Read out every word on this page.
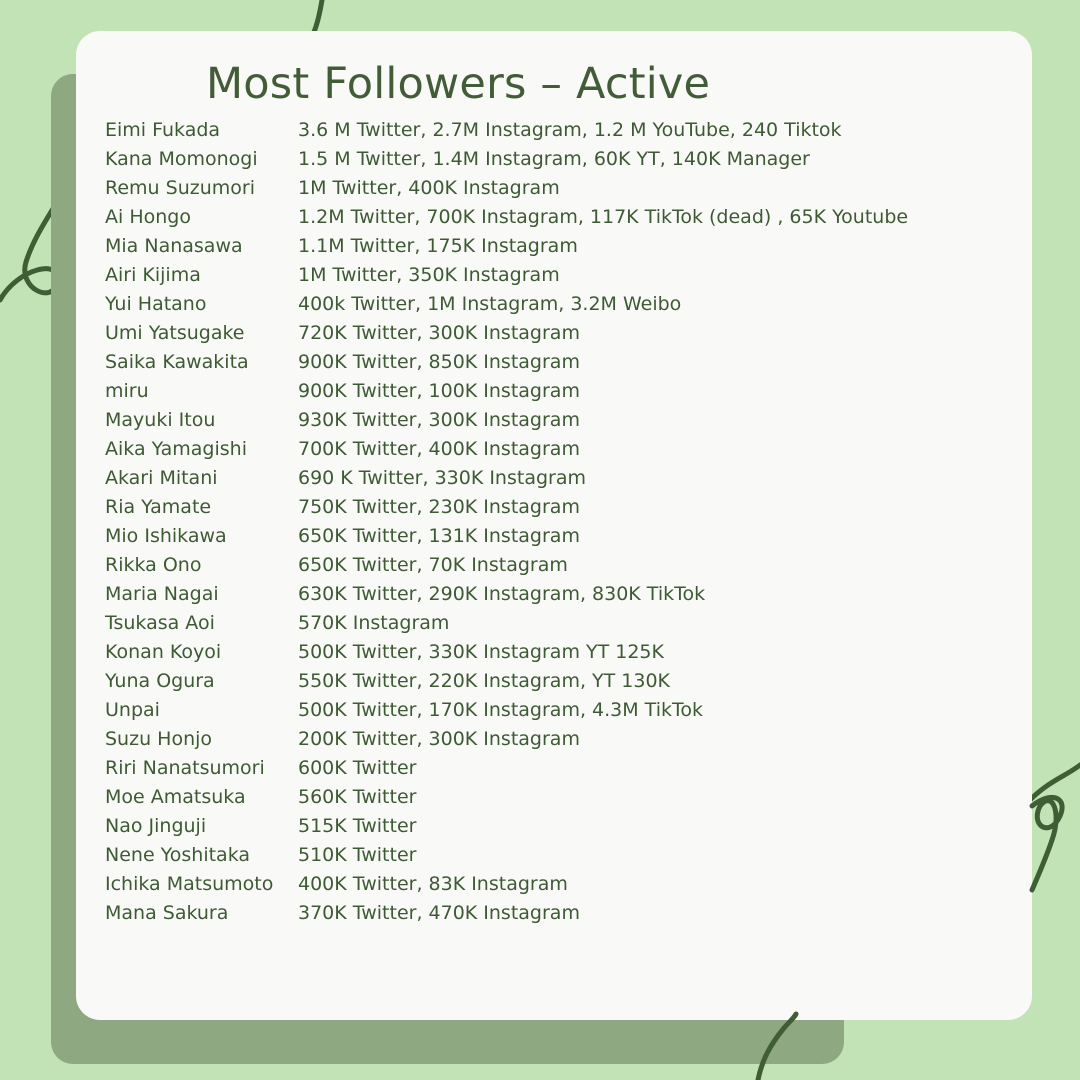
Most Followers – Active
Eimi Fukada	3.6 M Twitter, 2.7M Instagram, 1.2 M YouTube, 240 Tiktok
Kana Momonogi	1.5 M Twitter, 1.4M Instagram, 60K YT, 140K Manager
Remu Suzumori	1M Twitter, 400K Instagram
Ai Hongo	1.2M Twitter, 700K Instagram, 117K TikTok (dead) , 65K Youtube
Mia Nanasawa	1.1M Twitter, 175K Instagram
Airi Kijima	1M Twitter, 350K Instagram
Yui Hatano	400k Twitter, 1M Instagram, 3.2M Weibo
Umi Yatsugake	720K Twitter, 300K Instagram
Saika Kawakita	900K Twitter, 850K Instagram
miru	900K Twitter, 100K Instagram
Mayuki Itou	930K Twitter, 300K Instagram
Aika Yamagishi	700K Twitter, 400K Instagram
Akari Mitani	690 K Twitter, 330K Instagram
Ria Yamate	750K Twitter, 230K Instagram
Mio Ishikawa	650K Twitter, 131K Instagram
Rikka Ono	650K Twitter, 70K Instagram
Maria Nagai	630K Twitter, 290K Instagram, 830K TikTok
Tsukasa Aoi	570K Instagram
Konan Koyoi	500K Twitter, 330K Instagram YT 125K
Yuna Ogura	550K Twitter, 220K Instagram, YT 130K
Unpai	500K Twitter, 170K Instagram, 4.3M TikTok
Suzu Honjo	200K Twitter, 300K Instagram
Riri Nanatsumori	600K Twitter
Moe Amatsuka	560K Twitter
Nao Jinguji	515K Twitter
Nene Yoshitaka	510K Twitter
Ichika Matsumoto	400K Twitter, 83K Instagram
Mana Sakura	370K Twitter, 470K Instagram
